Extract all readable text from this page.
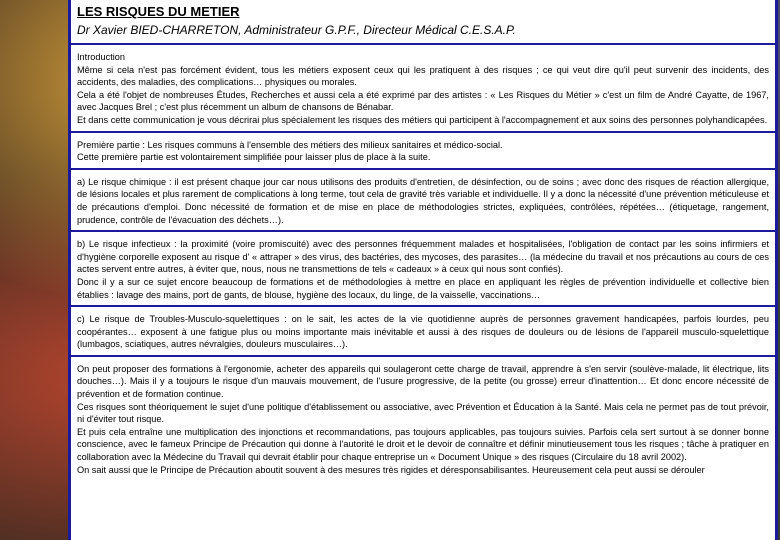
LES RISQUES DU METIER
Dr Xavier BIED-CHARRETON, Administrateur G.P.F., Directeur Médical C.E.S.A.P.

Introduction

Même si cela n'est pas forcément évident, tous les métiers exposent ceux qui les pratiquent à des risques ; ce qui veut dire qu'il peut survenir des incidents, des accidents, des maladies, des complications… physiques ou morales.

Cela a été l'objet de nombreuses Études, Recherches et aussi cela a été exprimé par des artistes : « Les Risques du Métier » c'est un film de André Cayatte, de 1967, avec Jacques Brel ; c'est plus récemment un album de chansons de Bénabar.

Et dans cette communication je vous décrirai plus spécialement les risques des métiers qui participent à l'accompagnement et aux soins des personnes polyhandicapées.

Première partie : Les risques communs à l'ensemble des métiers des milieux sanitaires et médico-social.

Cette première partie est volontairement simplifiée pour laisser plus de place à la suite.

a) Le risque chimique : il est présent chaque jour car nous utilisons des produits d'entretien, de désinfection, ou de soins ; avec donc des risques de réaction allergique, de lésions locales et plus rarement de complications à long terme, tout cela de gravité très variable et individuelle. Il y a donc la nécessité d'une prévention méticuleuse et de précautions d'emploi. Donc nécessité de formation et de mise en place de méthodologies strictes, expliquées, contrôlées, répétées… (étiquetage, rangement, prudence, contrôle de l'évacuation des déchets…).

b) Le risque infectieux : la proximité (voire promiscuité) avec des personnes fréquemment malades et hospitalisées, l'obligation de contact par les soins infirmiers et d'hygiène corporelle exposent au risque d' « attraper » des virus, des bactéries, des mycoses, des parasites… (la médecine du travail et nos précautions au cours de ces actes servent entre autres, à éviter que, nous, nous ne transmettions de tels « cadeaux » à ceux qui nous sont confiés).

Donc il y a sur ce sujet encore beaucoup de formations et de méthodologies à mettre en place en appliquant les règles de prévention individuelle et collective bien établies : lavage des mains, port de gants, de blouse, hygiène des locaux, du linge, de la vaisselle, vaccinations…

c) Le risque de Troubles-Musculo-squelettiques : on le sait, les actes de la vie quotidienne auprès de personnes gravement handicapées, parfois lourdes, peu coopérantes… exposent à une fatigue plus ou moins importante mais inévitable et aussi à des risques de douleurs ou de lésions de l'appareil musculo-squelettique (lumbagos, sciatiques, autres névralgies, douleurs musculaires…).

On peut proposer des formations à l'ergonomie, acheter des appareils qui soulageront cette charge de travail, apprendre à s'en servir (soulève-malade, lit électrique, lits douches…). Mais il y a toujours le risque d'un mauvais mouvement, de l'usure progressive, de la petite (ou grosse) erreur d'inattention… Et donc encore nécessité de prévention et de formation continue.

Ces risques sont théoriquement le sujet d'une politique d'établissement ou associative, avec Prévention et Éducation à la Santé. Mais cela ne permet pas de tout prévoir, ni d'éviter tout risque.

Et puis cela entraîne une multiplication des injonctions et recommandations, pas toujours applicables, pas toujours suivies. Parfois cela sert surtout à se donner bonne conscience, avec le fameux Principe de Précaution qui donne à l'autorité le droit et le devoir de connaître et définir minutieusement tous les risques ; tâche à pratiquer en collaboration avec la Médecine du Travail qui devrait établir pour chaque entreprise un « Document Unique » des risques (Circulaire du 18 avril 2002).

On sait aussi que le Principe de Précaution aboutit souvent à des mesures très rigides et déresponsabilisantes. Heureusement cela peut aussi se dérouler
